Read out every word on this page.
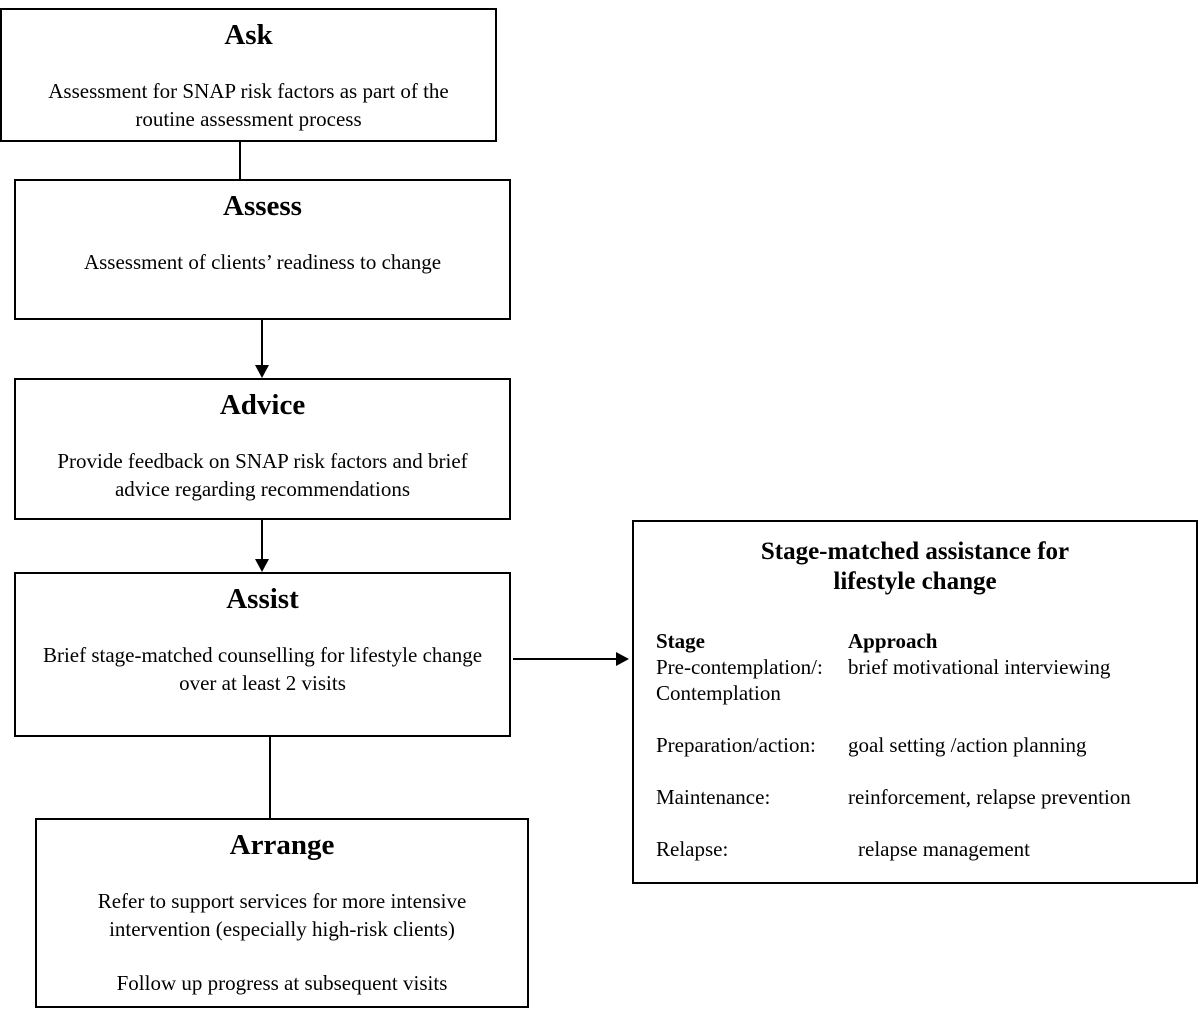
Ask
Assessment for SNAP risk factors as part of the routine assessment process
Assess
Assessment of clients’ readiness to change
Advice
Provide feedback on SNAP risk factors and brief advice regarding recommendations
Assist
Brief stage-matched counselling for lifestyle change over at least 2 visits
Arrange
Refer to support services for more intensive intervention (especially high-risk clients)
Follow up progress at subsequent visits
Stage-matched assistance for
lifestyle change
Stage	Approach
Pre-contemplation/:	brief motivational interviewing
Contemplation
Preparation/action:	goal setting /action planning
Maintenance:	reinforcement, relapse prevention
Relapse:	relapse management
